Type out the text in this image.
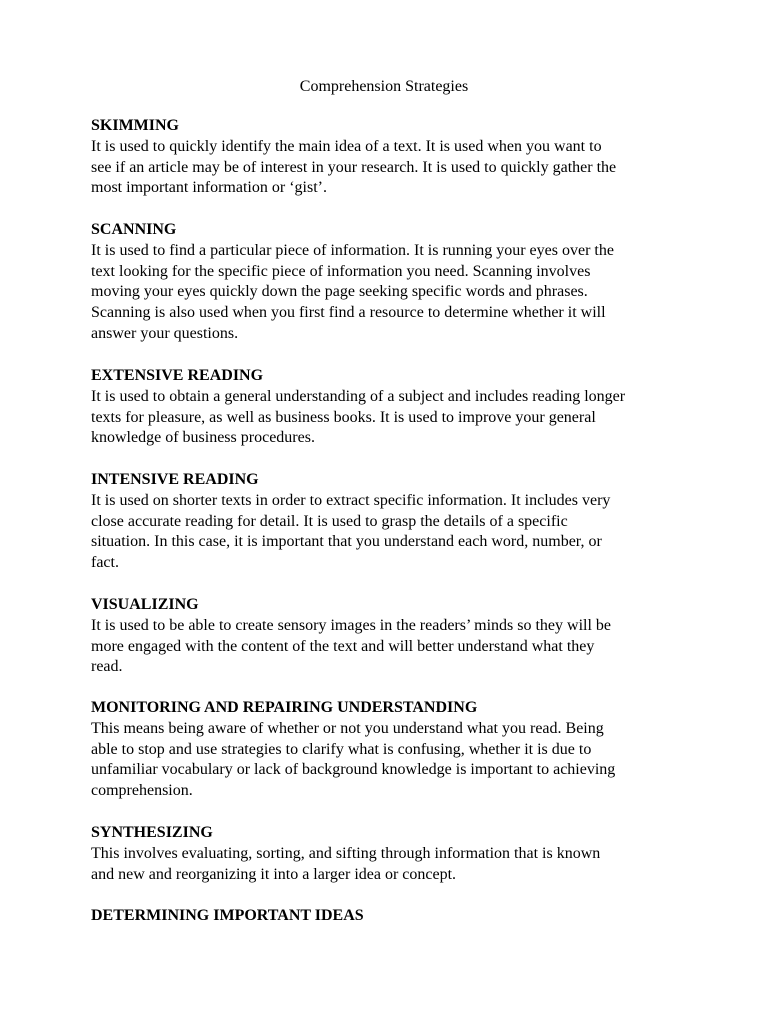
Comprehension Strategies
SKIMMING
It is used to quickly identify the main idea of a text. It is used when you want to
see if an article may be of interest in your research. It is used to quickly gather the
most important information or ‘gist’.
SCANNING
It is used to find a particular piece of information. It is running your eyes over the
text looking for the specific piece of information you need. Scanning involves
moving your eyes quickly down the page seeking specific words and phrases.
Scanning is also used when you first find a resource to determine whether it will
answer your questions.
EXTENSIVE READING
It is used to obtain a general understanding of a subject and includes reading longer
texts for pleasure, as well as business books. It is used to improve your general
knowledge of business procedures.
INTENSIVE READING
It is used on shorter texts in order to extract specific information. It includes very
close accurate reading for detail. It is used to grasp the details of a specific
situation. In this case, it is important that you understand each word, number, or
fact.
VISUALIZING
It is used to be able to create sensory images in the readers’ minds so they will be
more engaged with the content of the text and will better understand what they
read.
MONITORING AND REPAIRING UNDERSTANDING
This means being aware of whether or not you understand what you read. Being
able to stop and use strategies to clarify what is confusing, whether it is due to
unfamiliar vocabulary or lack of background knowledge is important to achieving
comprehension.
SYNTHESIZING
This involves evaluating, sorting, and sifting through information that is known
and new and reorganizing it into a larger idea or concept.
DETERMINING IMPORTANT IDEAS
